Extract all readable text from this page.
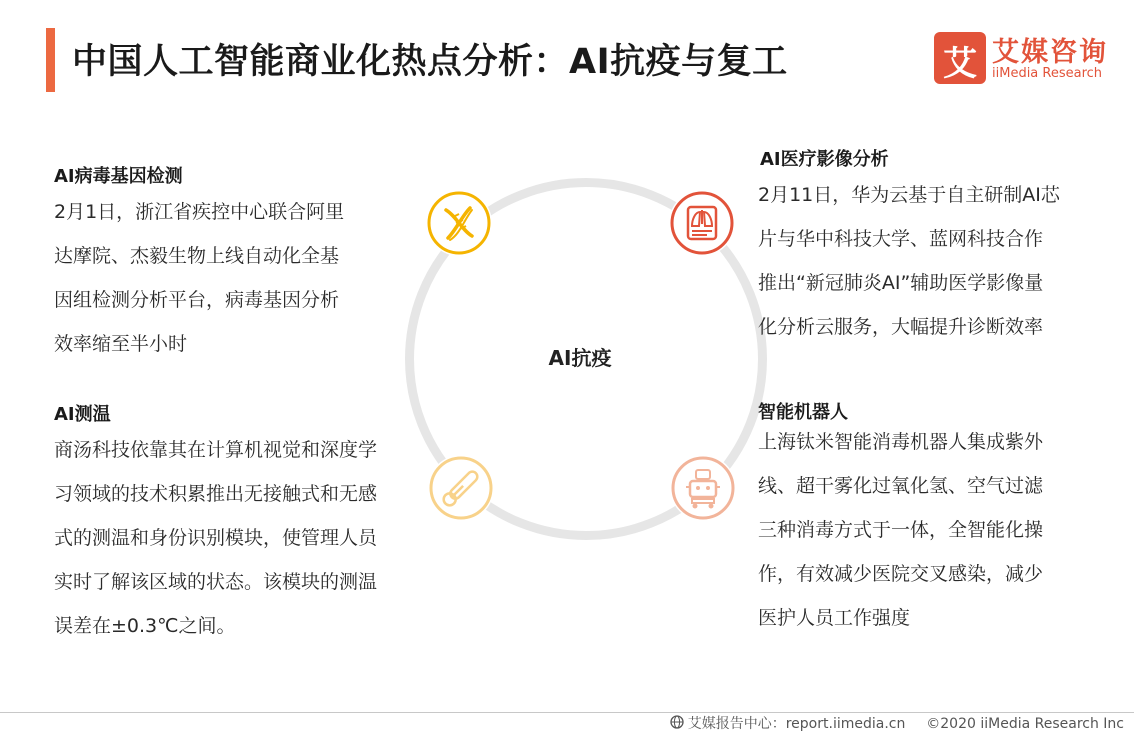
中国人工智能商业化热点分析：AI抗疫与复工	艾 艾媒咨询
iiMedia Research
AI抗疫
AI病毒基因检测
2月1日，浙江省疾控中心联合阿里
达摩院、杰毅生物上线自动化全基
因组检测分析平台，病毒基因分析
效率缩至半小时
AI医疗影像分析
2月11日，华为云基于自主研制AI芯
片与华中科技大学、蓝网科技合作
推出“新冠肺炎AI”辅助医学影像量
化分析云服务，大幅提升诊断效率
AI测温
商汤科技依靠其在计算机视觉和深度学
习领域的技术积累推出无接触式和无感
式的测温和身份识别模块，使管理人员
实时了解该区域的状态。该模块的测温
误差在±0.3℃之间。
智能机器人
上海钛米智能消毒机器人集成紫外
线、超干雾化过氧化氢、空气过滤
三种消毒方式于一体，全智能化操
作，有效减少医院交叉感染，减少
医护人员工作强度
艾媒报告中心：report.iimedia.cn ©2020 iiMedia Research Inc
